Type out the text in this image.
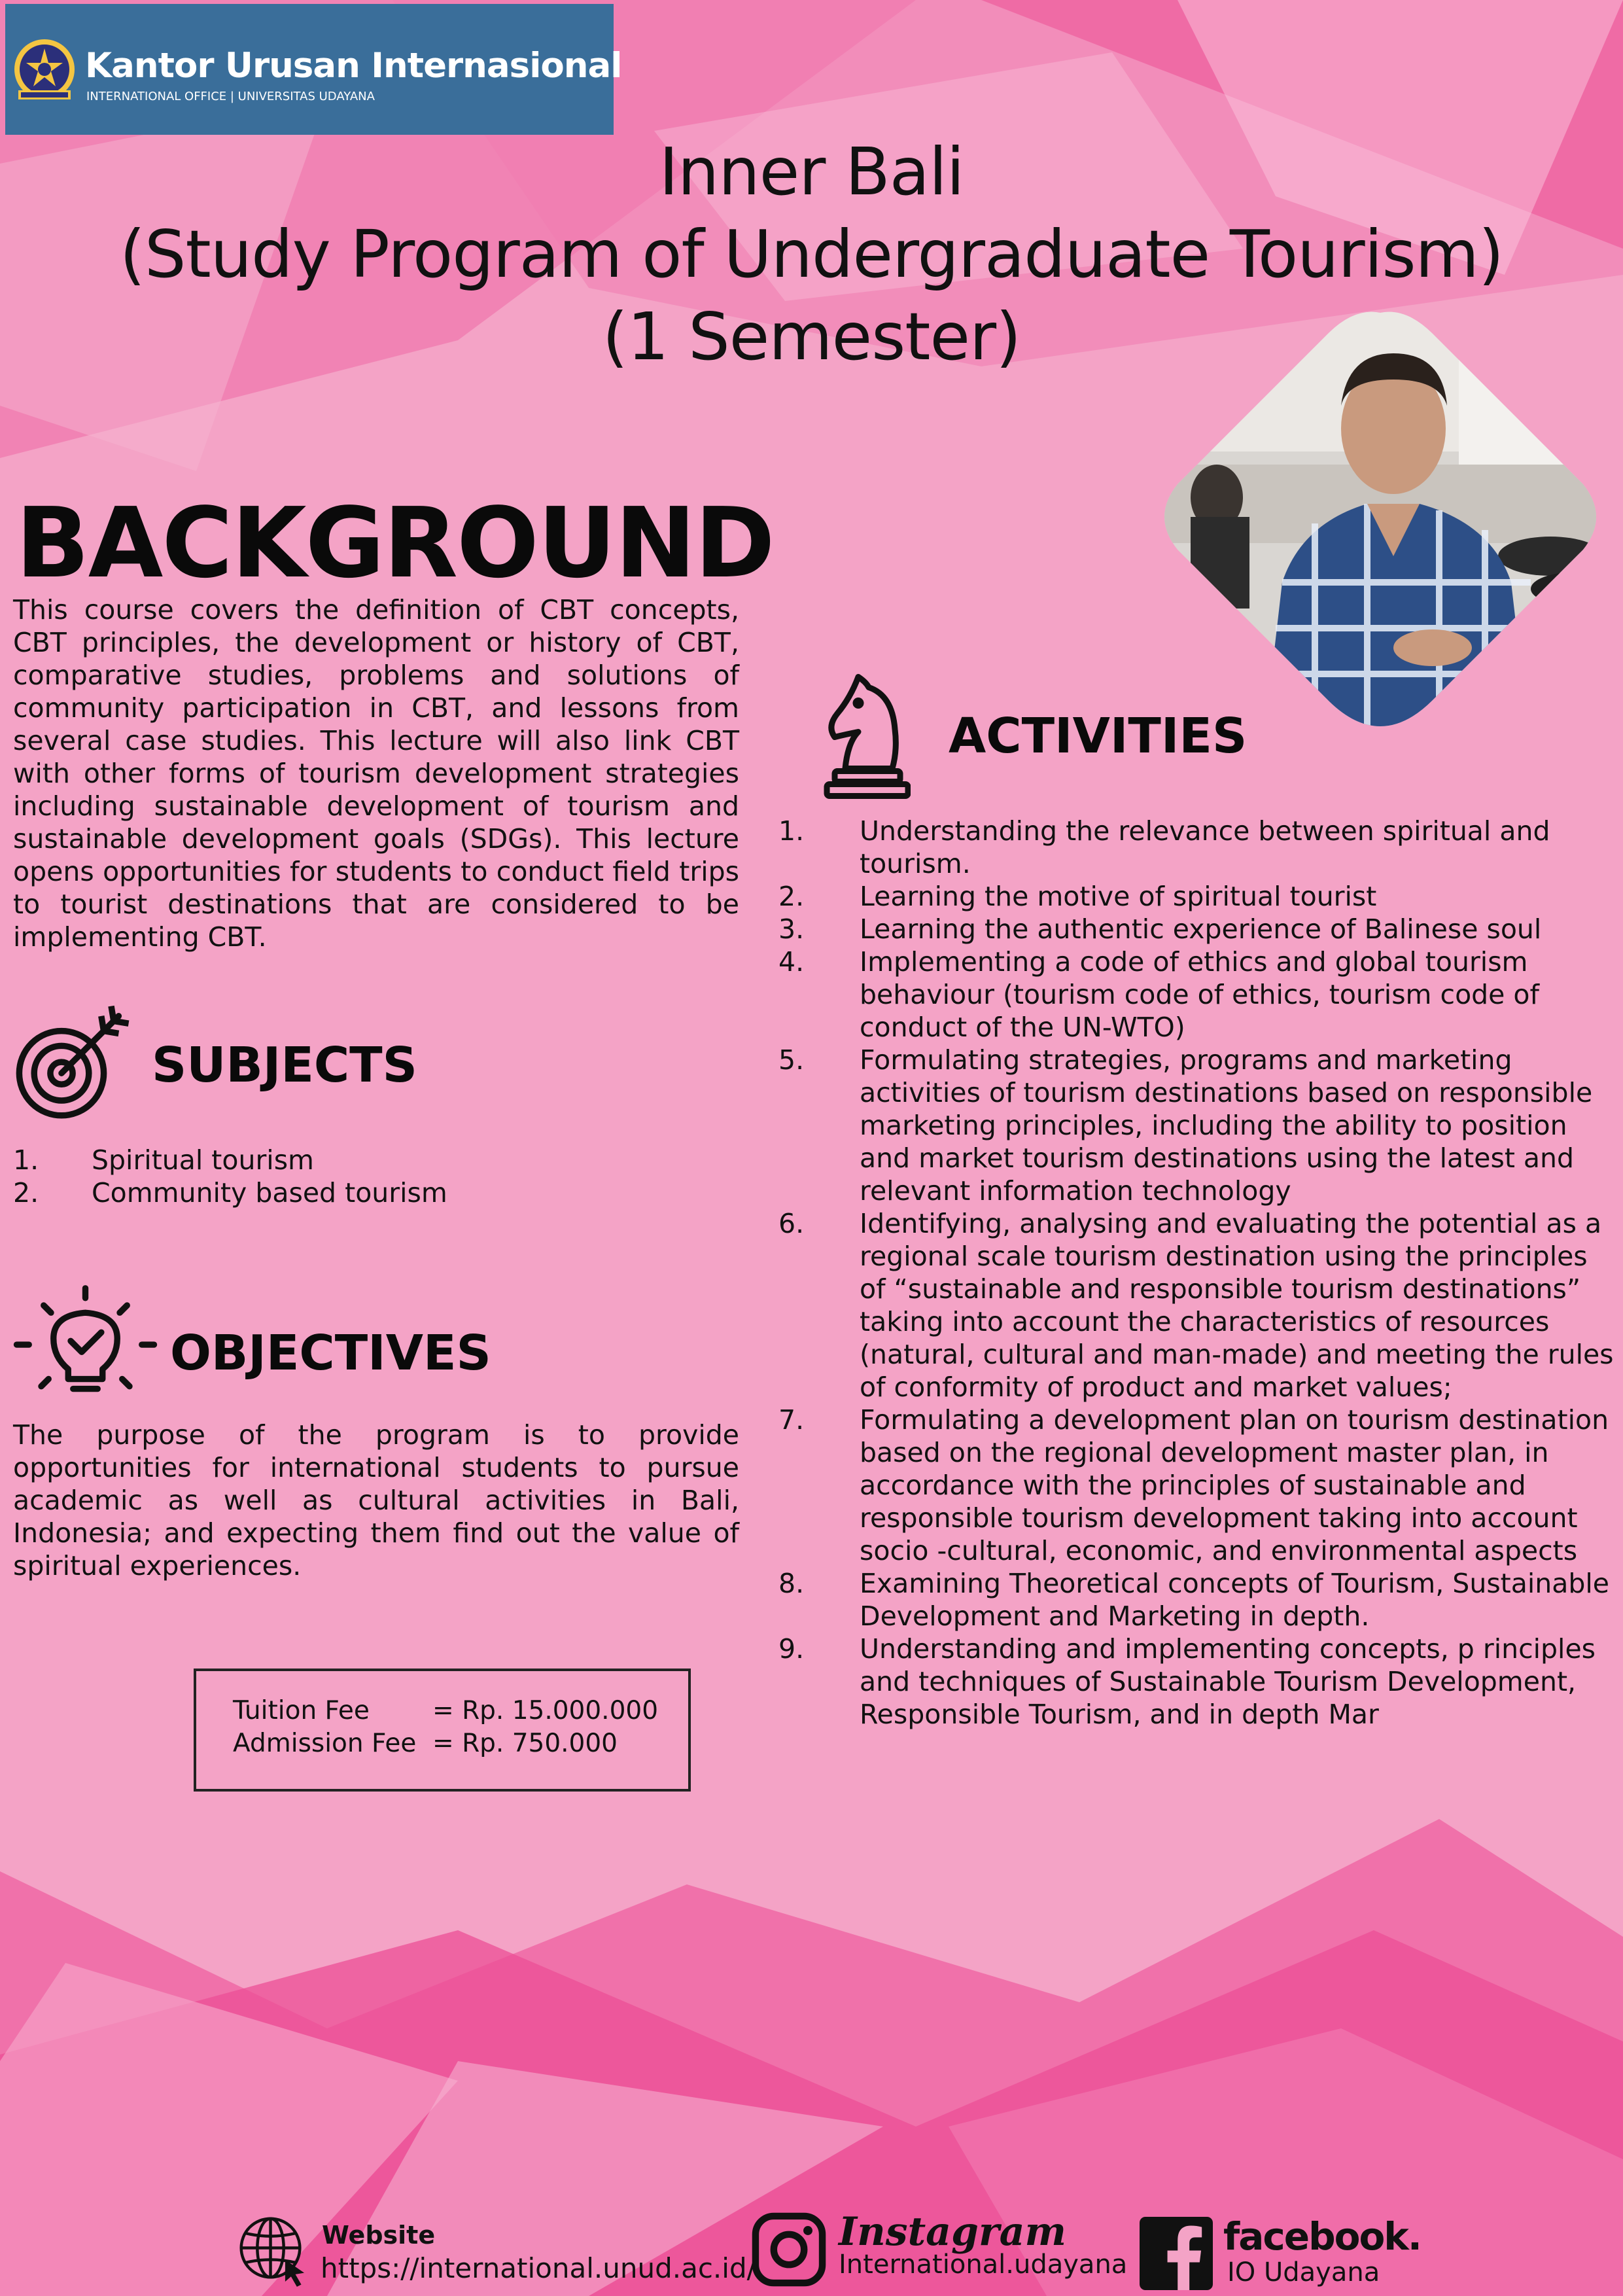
Kantor Urusan Internasional
INTERNATIONAL OFFICE | UNIVERSITAS UDAYANA
Inner Bali
(Study Program of Undergraduate Tourism)
(1 Semester)
BACKGROUND
This course covers the definition of CBT concepts, CBT principles, the development or history of CBT, comparative studies, problems and solutions of community participation in CBT, and lessons from several case studies. This lecture will also link CBT with other forms of tourism development strategies including sustainable development of tourism and sustainable development goals (SDGs). This lecture opens opportunities for students to conduct field trips to tourist destinations that are considered to be implementing CBT.
SUBJECTS
1. Spiritual tourism
2. Community based tourism
OBJECTIVES
The purpose of the program is to provide opportunities for international students to pursue academic as well as cultural activities in Bali, Indonesia; and expecting them find out the value of spiritual experiences.
Tuition Fee = Rp. 15.000.000
Admission Fee = Rp. 750.000
ACTIVITIES
1. Understanding the relevance between spiritual and tourism.
2. Learning the motive of spiritual tourist
3. Learning the authentic experience of Balinese soul
4. Implementing a code of ethics and global tourism behaviour (tourism code of ethics, tourism code of conduct of the UN-WTO)
5. Formulating strategies, programs and marketing activities of tourism destinations based on responsible marketing principles, including the ability to position and market tourism destinations using the latest and relevant information technology
6. Identifying, analysing and evaluating the potential as a regional scale tourism destination using the principles of “sustainable and responsible tourism destinations” taking into account the characteristics of resources (natural, cultural and man-made) and meeting the rules of conformity of product and market values;
7. Formulating a development plan on tourism destination based on the regional development master plan, in accordance with the principles of sustainable and responsible tourism development taking into account socio -cultural, economic, and environmental aspects
8. Examining Theoretical concepts of Tourism, Sustainable Development and Marketing in depth.
9. Understanding and implementing concepts, p rinciples and techniques of Sustainable Tourism Development, Responsible Tourism, and in depth Mar
Website
https://international.unud.ac.id/
Instagram
International.udayana
facebook.
IO Udayana
